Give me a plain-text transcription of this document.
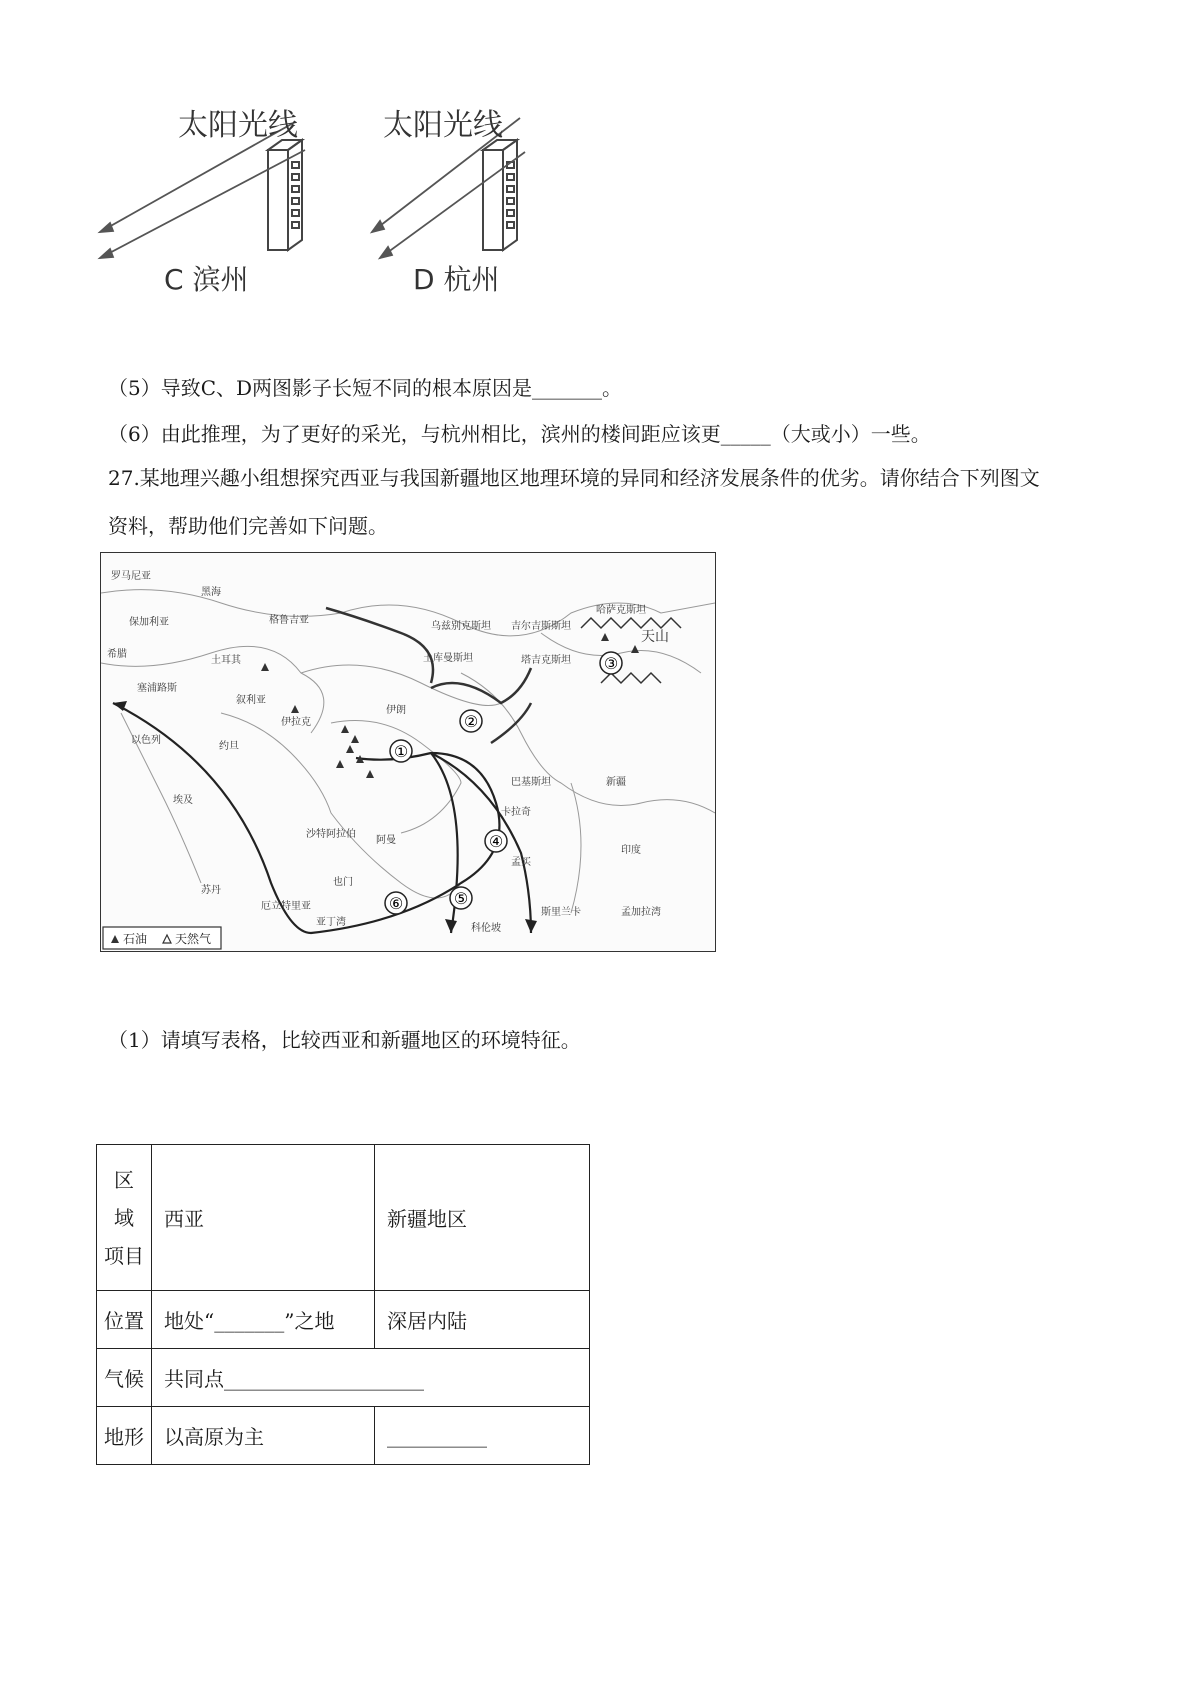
太阳光线	太阳光线
C 滨州	D 杭州
（5）导致C、D两图影子长短不同的根本原因是_______。
（6）由此推理，为了更好的采光，与杭州相比，滨州的楼间距应该更_____（大或小）一些。
27.某地理兴趣小组想探究西亚与我国新疆地区地理环境的异同和经济发展条件的优劣。请你结合下列图文
资料，帮助他们完善如下问题。
①
②
③
④
⑤
⑥
罗马尼亚
保加利亚
希腊
黑海
格鲁吉亚
土耳其
塞浦路斯
叙利亚
伊拉克
以色列
约旦
埃及
伊朗
土库曼斯坦
乌兹别克斯坦 吉尔吉斯斯坦
塔吉克斯坦
哈萨克斯坦
巴基斯坦	新疆
印度
沙特阿拉伯
阿曼
也门
苏丹
厄立特里亚
亚丁湾
孟买
卡拉奇
科伦坡
斯里兰卡	孟加拉湾
天山
石油 天然气
（1）请填写表格，比较西亚和新疆地区的环境特征。
区
域
项目	西亚	新疆地区
位置	地处“_______”之地	深居内陆
气候	共同点____________________	
地形	以高原为主	__________
